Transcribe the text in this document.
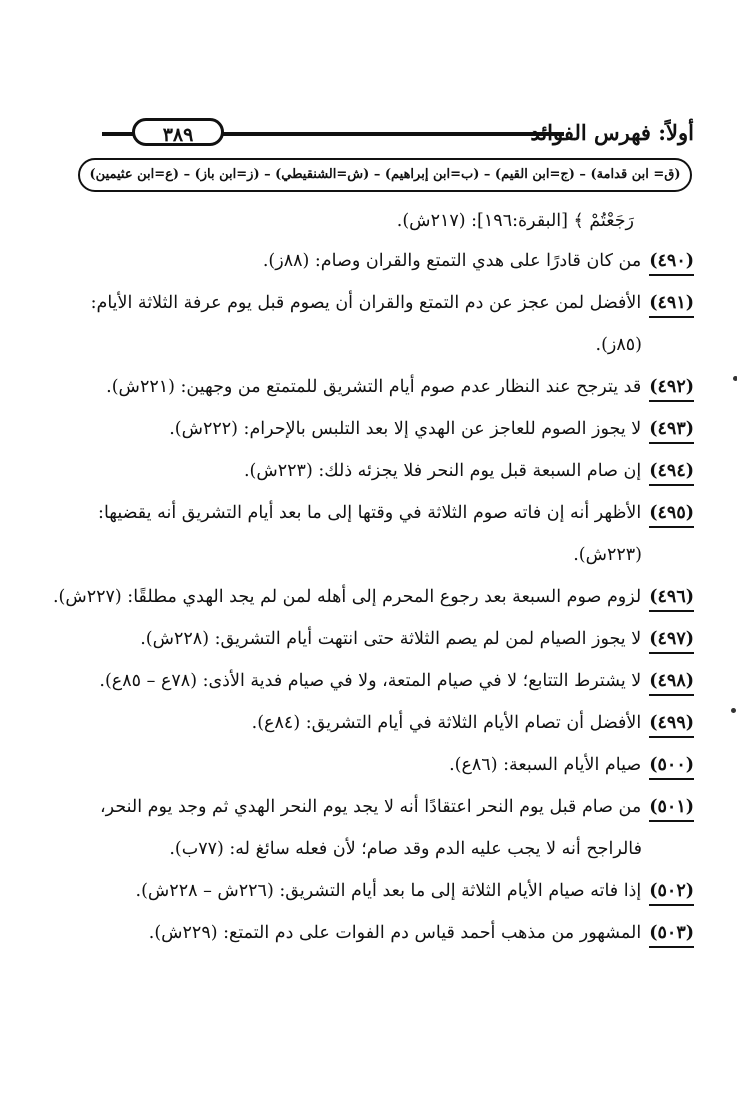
٣٨٩	أولاً: فهرس الفوائد
(ق= ابن قدامة) – (ج=ابن القيم) – (ب=ابن إبراهيم) – (ش=الشنقيطي) – (ز=ابن باز) – (ع=ابن عثيمين)
رَجَعْتُمْ ﴾ [البقرة:١٩٦]: (٢١٧ش).
(٤٩٠)من كان قادرًا على هدي التمتع والقران وصام: (٨٨ز).
(٤٩١)الأفضل لمن عجز عن دم التمتع والقران أن يصوم قبل يوم عرفة الثلاثة الأيام:
(٨٥ز).
(٤٩٢)قد يترجح عند النظار عدم صوم أيام التشريق للمتمتع من وجهين: (٢٢١ش).
(٤٩٣)لا يجوز الصوم للعاجز عن الهدي إلا بعد التلبس بالإحرام: (٢٢٢ش).
(٤٩٤)إن صام السبعة قبل يوم النحر فلا يجزئه ذلك: (٢٢٣ش).
(٤٩٥)الأظهر أنه إن فاته صوم الثلاثة في وقتها إلى ما بعد أيام التشريق أنه يقضيها:
(٢٢٣ش).
(٤٩٦)لزوم صوم السبعة بعد رجوع المحرم إلى أهله لمن لم يجد الهدي مطلقًا: (٢٢٧ش).
(٤٩٧)لا يجوز الصيام لمن لم يصم الثلاثة حتى انتهت أيام التشريق: (٢٢٨ش).
(٤٩٨)لا يشترط التتابع؛ لا في صيام المتعة، ولا في صيام فدية الأذى: (٧٨ع – ٨٥ع).
(٤٩٩)الأفضل أن تصام الأيام الثلاثة في أيام التشريق: (٨٤ع).
(٥٠٠)صيام الأيام السبعة: (٨٦ع).
(٥٠١)من صام قبل يوم النحر اعتقادًا أنه لا يجد يوم النحر الهدي ثم وجد يوم النحر،
فالراجح أنه لا يجب عليه الدم وقد صام؛ لأن فعله سائغ له: (٧٧ب).
(٥٠٢)إذا فاته صيام الأيام الثلاثة إلى ما بعد أيام التشريق: (٢٢٦ش – ٢٢٨ش).
(٥٠٣)المشهور من مذهب أحمد قياس دم الفوات على دم التمتع: (٢٢٩ش).
